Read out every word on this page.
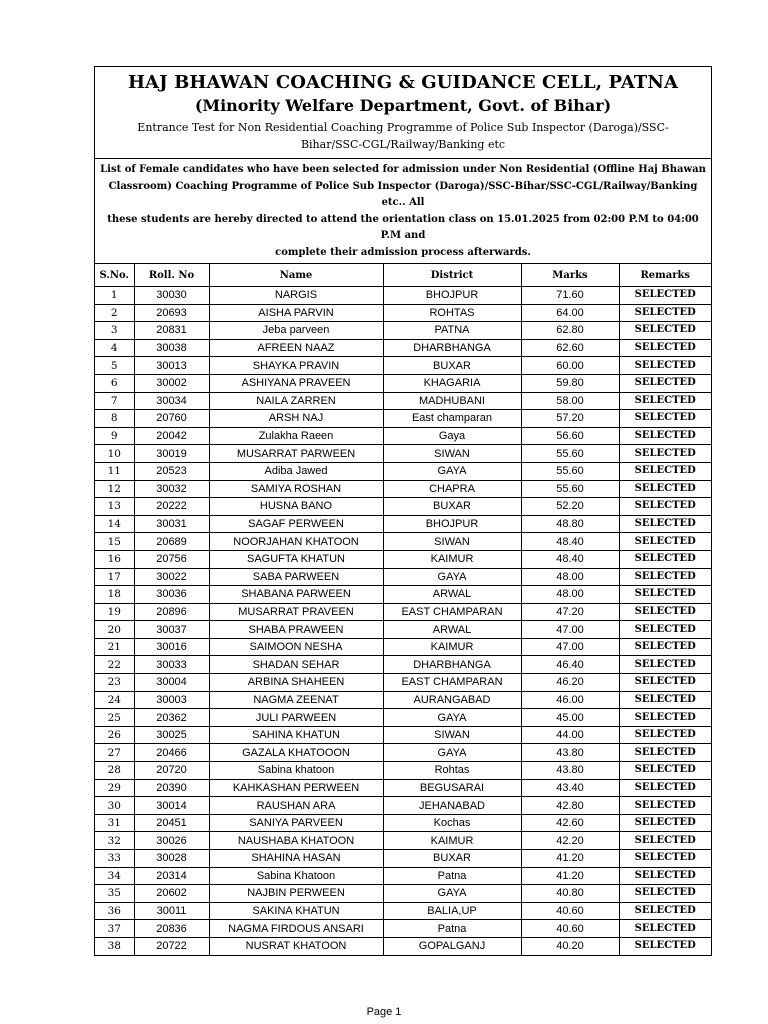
HAJ BHAWAN COACHING & GUIDANCE CELL, PATNA
(Minority Welfare Department, Govt. of Bihar)
Entrance Test for Non Residential Coaching Programme of Police Sub Inspector (Daroga)/SSC-
Bihar/SSC-CGL/Railway/Banking etc
List of Female candidates who have been selected for admission under Non Residential (Offline Haj Bhawan
Classroom) Coaching Programme of Police Sub Inspector (Daroga)/SSC-Bihar/SSC-CGL/Railway/Banking etc.. All
these students are hereby directed to attend the orientation class on 15.01.2025 from 02:00 P.M to 04:00 P.M and
complete their admission process afterwards.
S.No.	Roll. No	Name	District	Marks	Remarks
1	30030	NARGIS	BHOJPUR	71.60	SELECTED
2	20693	AISHA PARVIN	ROHTAS	64.00	SELECTED
3	20831	Jeba parveen	PATNA	62.80	SELECTED
4	30038	AFREEN NAAZ	DHARBHANGA	62.60	SELECTED
5	30013	SHAYKA PRAVIN	BUXAR	60.00	SELECTED
6	30002	ASHIYANA PRAVEEN	KHAGARIA	59.80	SELECTED
7	30034	NAILA ZARREN	MADHUBANI	58.00	SELECTED
8	20760	ARSH NAJ	East champaran	57.20	SELECTED
9	20042	Zulakha Raeen	Gaya	56.60	SELECTED
10	30019	MUSARRAT PARWEEN	SIWAN	55.60	SELECTED
11	20523	Adiba Jawed	GAYA	55.60	SELECTED
12	30032	SAMIYA ROSHAN	CHAPRA	55.60	SELECTED
13	20222	HUSNA BANO	BUXAR	52.20	SELECTED
14	30031	SAGAF PERWEEN	BHOJPUR	48.80	SELECTED
15	20689	NOORJAHAN KHATOON	SIWAN	48.40	SELECTED
16	20756	SAGUFTA KHATUN	KAIMUR	48.40	SELECTED
17	30022	SABA PARWEEN	GAYA	48.00	SELECTED
18	30036	SHABANA PARWEEN	ARWAL	48.00	SELECTED
19	20896	MUSARRAT PRAVEEN	EAST CHAMPARAN	47.20	SELECTED
20	30037	SHABA PRAWEEN	ARWAL	47.00	SELECTED
21	30016	SAIMOON NESHA	KAIMUR	47.00	SELECTED
22	30033	SHADAN SEHAR	DHARBHANGA	46.40	SELECTED
23	30004	ARBINA SHAHEEN	EAST CHAMPARAN	46.20	SELECTED
24	30003	NAGMA ZEENAT	AURANGABAD	46.00	SELECTED
25	20362	JULI PARWEEN	GAYA	45.00	SELECTED
26	30025	SAHINA KHATUN	SIWAN	44.00	SELECTED
27	20466	GAZALA KHATOOON	GAYA	43.80	SELECTED
28	20720	Sabina khatoon	Rohtas	43.80	SELECTED
29	20390	KAHKASHAN PERWEEN	BEGUSARAI	43.40	SELECTED
30	30014	RAUSHAN ARA	JEHANABAD	42.80	SELECTED
31	20451	SANIYA PARVEEN	Kochas	42.60	SELECTED
32	30026	NAUSHABA KHATOON	KAIMUR	42.20	SELECTED
33	30028	SHAHINA HASAN	BUXAR	41.20	SELECTED
34	20314	Sabina Khatoon	Patna	41.20	SELECTED
35	20602	NAJBIN PERWEEN	GAYA	40.80	SELECTED
36	30011	SAKINA KHATUN	BALIA,UP	40.60	SELECTED
37	20836	NAGMA FIRDOUS ANSARI	Patna	40.60	SELECTED
38	20722	NUSRAT KHATOON	GOPALGANJ	40.20	SELECTED
Page 1
